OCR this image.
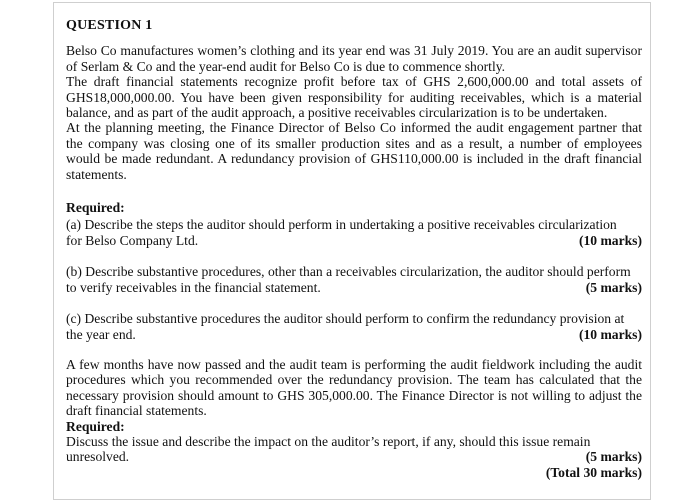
QUESTION 1

Belso Co manufactures women’s clothing and its year end was 31 July 2019. You are an audit supervisor of Serlam & Co and the year-end audit for Belso Co is due to commence shortly.

The draft financial statements recognize profit before tax of GHS 2,600,000.00 and total assets of GHS18,000,000.00. You have been given responsibility for auditing receivables, which is a material balance, and as part of the audit approach, a positive receivables circularization is to be undertaken.

At the planning meeting, the Finance Director of Belso Co informed the audit engagement partner that the company was closing one of its smaller production sites and as a result, a number of employees would be made redundant. A redundancy provision of GHS110,000.00 is included in the draft financial statements.

Required:
(a) Describe the steps the auditor should perform in undertaking a positive receivables circularization
for Belso Company Ltd.	(10 marks)
(b) Describe substantive procedures, other than a receivables circularization, the auditor should perform
to verify receivables in the financial statement.	(5 marks)
(c) Describe substantive procedures the auditor should perform to confirm the redundancy provision at
the year end.	(10 marks)

A few months have now passed and the audit team is performing the audit fieldwork including the audit procedures which you recommended over the redundancy provision. The team has calculated that the necessary provision should amount to GHS 305,000.00. The Finance Director is not willing to adjust the draft financial statements.

Required:
Discuss the issue and describe the impact on the auditor’s report, if any, should this issue remain
unresolved.	(5 marks)
(Total 30 marks)
